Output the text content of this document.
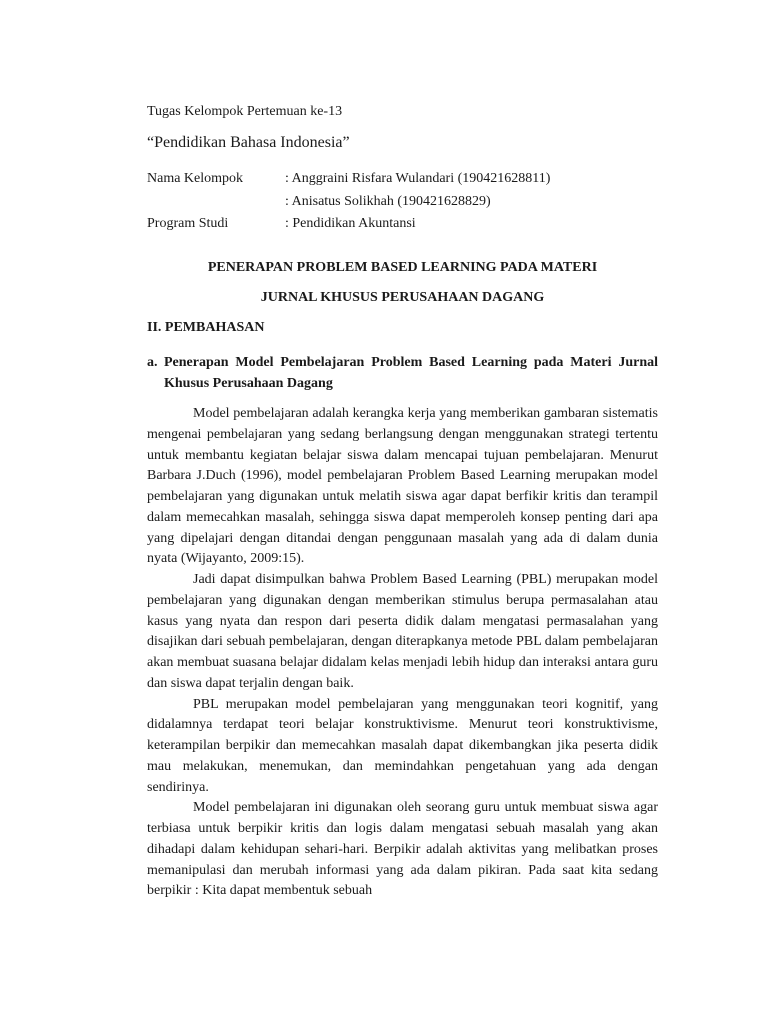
Tugas Kelompok Pertemuan ke-13
“Pendidikan Bahasa Indonesia”
Nama Kelompok	: Anggraini Risfara Wulandari (190421628811)
: Anisatus Solikhah (190421628829)
Program Studi	: Pendidikan Akuntansi
PENERAPAN PROBLEM BASED LEARNING PADA MATERI
JURNAL KHUSUS PERUSAHAAN DAGANG
II. PEMBAHASAN
a. Penerapan Model Pembelajaran Problem Based Learning pada Materi Jurnal Khusus Perusahaan Dagang

Model pembelajaran adalah kerangka kerja yang memberikan gambaran sistematis mengenai pembelajaran yang sedang berlangsung dengan menggunakan strategi tertentu untuk membantu kegiatan belajar siswa dalam mencapai tujuan pembelajaran. Menurut Barbara J.Duch (1996), model pembelajaran Problem Based Learning merupakan model pembelajaran yang digunakan untuk melatih siswa agar dapat berfikir kritis dan terampil dalam memecahkan masalah, sehingga siswa dapat memperoleh konsep penting dari apa yang dipelajari dengan ditandai dengan penggunaan masalah yang ada di dalam dunia nyata (Wijayanto, 2009:15).

Jadi dapat disimpulkan bahwa Problem Based Learning (PBL) merupakan model pembelajaran yang digunakan dengan memberikan stimulus berupa permasalahan atau kasus yang nyata dan respon dari peserta didik dalam mengatasi permasalahan yang disajikan dari sebuah pembelajaran, dengan diterapkanya metode PBL dalam pembelajaran akan membuat suasana belajar didalam kelas menjadi lebih hidup dan interaksi antara guru dan siswa dapat terjalin dengan baik.

PBL merupakan model pembelajaran yang menggunakan teori kognitif, yang didalamnya terdapat teori belajar konstruktivisme. Menurut teori konstruktivisme, keterampilan berpikir dan memecahkan masalah dapat dikembangkan jika peserta didik mau melakukan, menemukan, dan memindahkan pengetahuan yang ada dengan sendirinya.

Model pembelajaran ini digunakan oleh seorang guru untuk membuat siswa agar terbiasa untuk berpikir kritis dan logis dalam mengatasi sebuah masalah yang akan dihadapi dalam kehidupan sehari-hari. Berpikir adalah aktivitas yang melibatkan proses memanipulasi dan merubah informasi yang ada dalam pikiran. Pada saat kita sedang berpikir : Kita dapat membentuk sebuah
